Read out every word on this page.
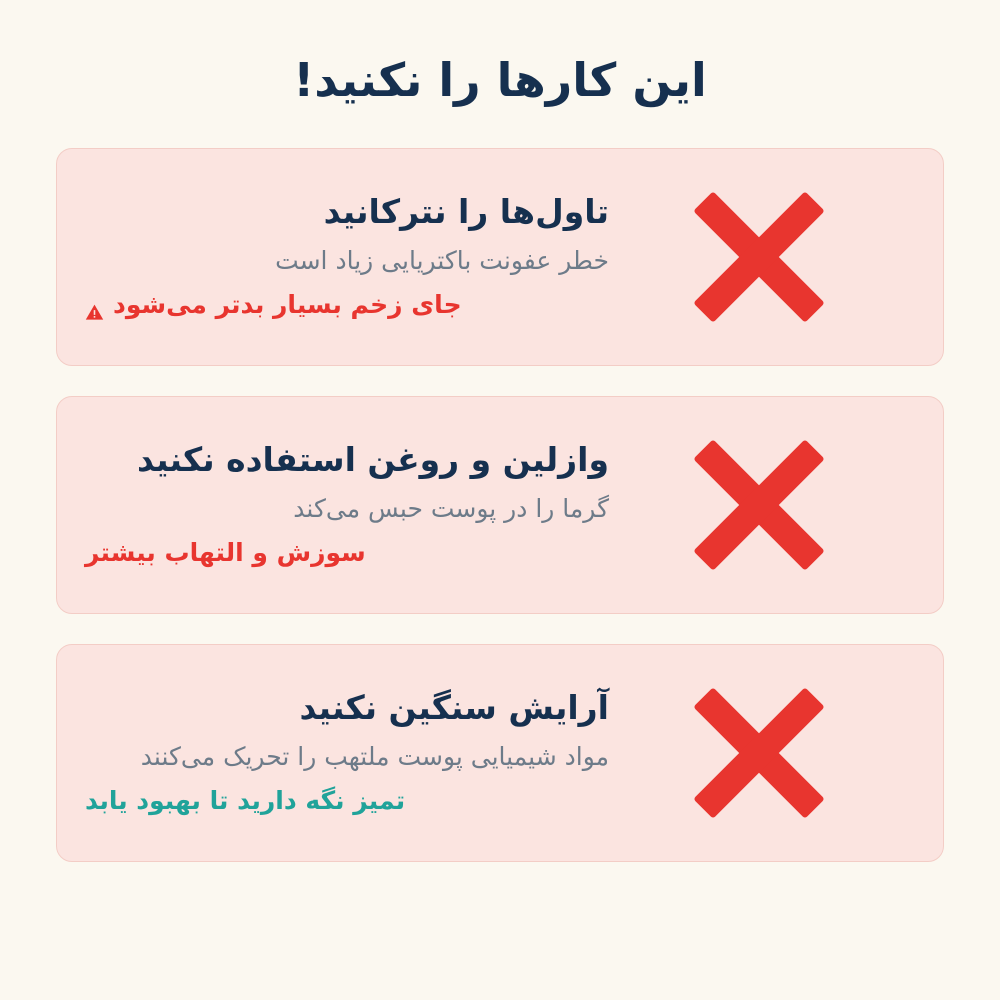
این کارها را نکنید!
تاول‌ها را نترکانید
خطر عفونت باکتریایی زیاد است
جای زخم بسیار بدتر می‌شود
وازلین و روغن استفاده نکنید
گرما را در پوست حبس می‌کند
سوزش و التهاب بیشتر
آرایش سنگین نکنید
مواد شیمیایی پوست ملتهب را تحریک می‌کنند
تمیز نگه دارید تا بهبود یابد
